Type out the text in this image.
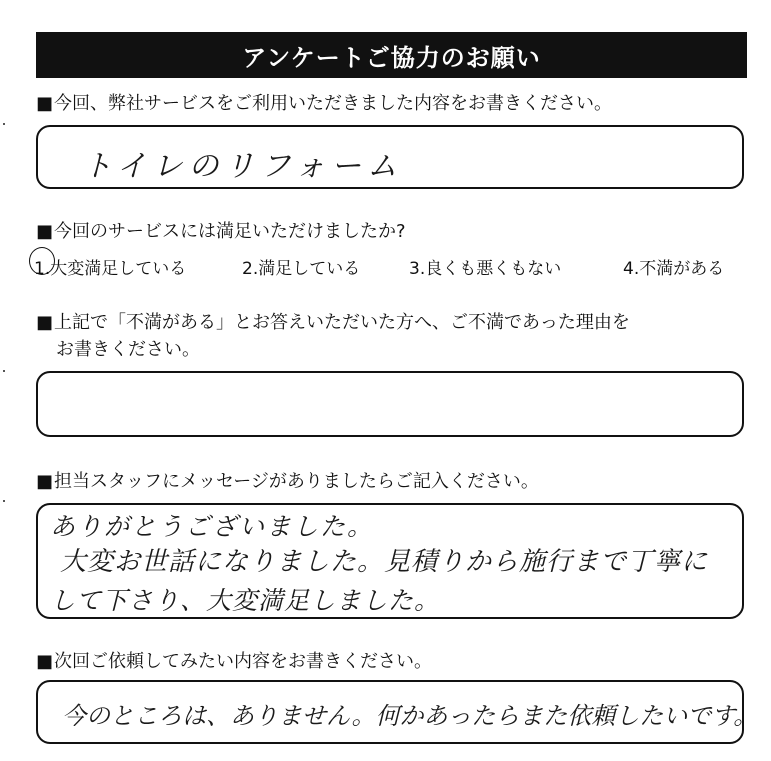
アンケートご協力のお願い
■今回、弊社サービスをご利用いただきました内容をお書きください。
トイレのリフォーム
■今回のサービスには満足いただけましたか?
1.大変満足している	2.満足している	3.良くも悪くもない	4.不満がある
■上記で「不満がある」とお答えいただいた方へ、ご不満であった理由を
お書きください。
■担当スタッフにメッセージがありましたらご記入ください。
ありがとうございました。
大変お世話になりました。見積りから施行まで丁寧に
して下さり、大変満足しました。
■次回ご依頼してみたい内容をお書きください。
今のところは、ありません。何かあったらまた依頼したいです。
